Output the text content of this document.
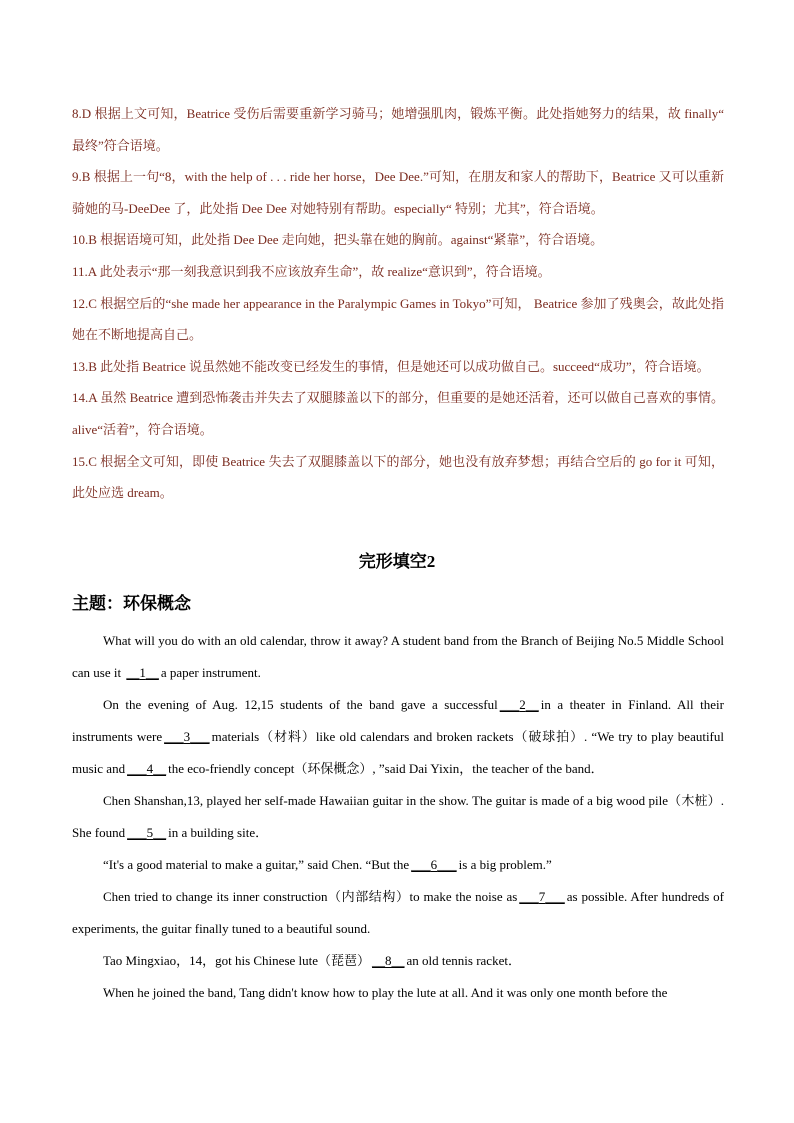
8.D 根据上文可知，Beatrice 受伤后需要重新学习骑马；她增强肌肉，锻炼平衡。此处指她努力的结果，故 finally“ 最终”符合语境。

9.B 根据上一句“8，with the help of . . . ride her horse，Dee Dee.”可知，在朋友和家人的帮助下，Beatrice 又可以重新骑她的马-DeeDee 了，此处指 Dee Dee 对她特别有帮助。especially“ 特别；尤其”，符合语境。

10.B 根据语境可知，此处指 Dee Dee 走向她，把头靠在她的胸前。against“紧靠”，符合语境。

11.A 此处表示“那一刻我意识到我不应该放弃生命”，故 realize“意识到”，符合语境。

12.C 根据空后的“she made her appearance in the Paralympic Games in Tokyo”可知， Beatrice 参加了残奥会，故此处指她在不断地提高自己。

13.B 此处指 Beatrice 说虽然她不能改变已经发生的事情，但是她还可以成功做自己。succeed“成功”，符合语境。

14.A 虽然 Beatrice 遭到恐怖袭击并失去了双腿膝盖以下的部分，但重要的是她还活着，还可以做自己喜欢的事情。alive“活着”，符合语境。

15.C 根据全文可知，即使 Beatrice 失去了双腿膝盖以下的部分，她也没有放弃梦想；再结合空后的 go for it 可知，此处应选 dream。

完形填空2
主题：环保概念

What will you do with an old calendar, throw it away? A student band from the Branch of Beijing No.5 Middle School can use it __1__ a paper instrument.

On the evening of Aug. 12,15 students of the band gave a successful ___2__ in a theater in Finland. All their instruments were ___3___ materials（材料）like old calendars and broken rackets（破球拍）. “We try to play beautiful music and ___4__ the eco-friendly concept（环保概念）, ”said Dai Yixin，the teacher of the band．

Chen Shanshan,13, played her self-made Hawaiian guitar in the show. The guitar is made of a big wood pile（木桩）. She found ___5__ in a building site．

“It's a good material to make a guitar,” said Chen. “But the ___6___ is a big problem.”

Chen tried to change its inner construction（内部结构）to make the noise as ___7___ as possible. After hundreds of experiments, the guitar finally tuned to a beautiful sound.

Tao Mingxiao，14，got his Chinese lute（琵琶） __8__ an old tennis racket．

When he joined the band, Tang didn't know how to play the lute at all. And it was only one month before the
